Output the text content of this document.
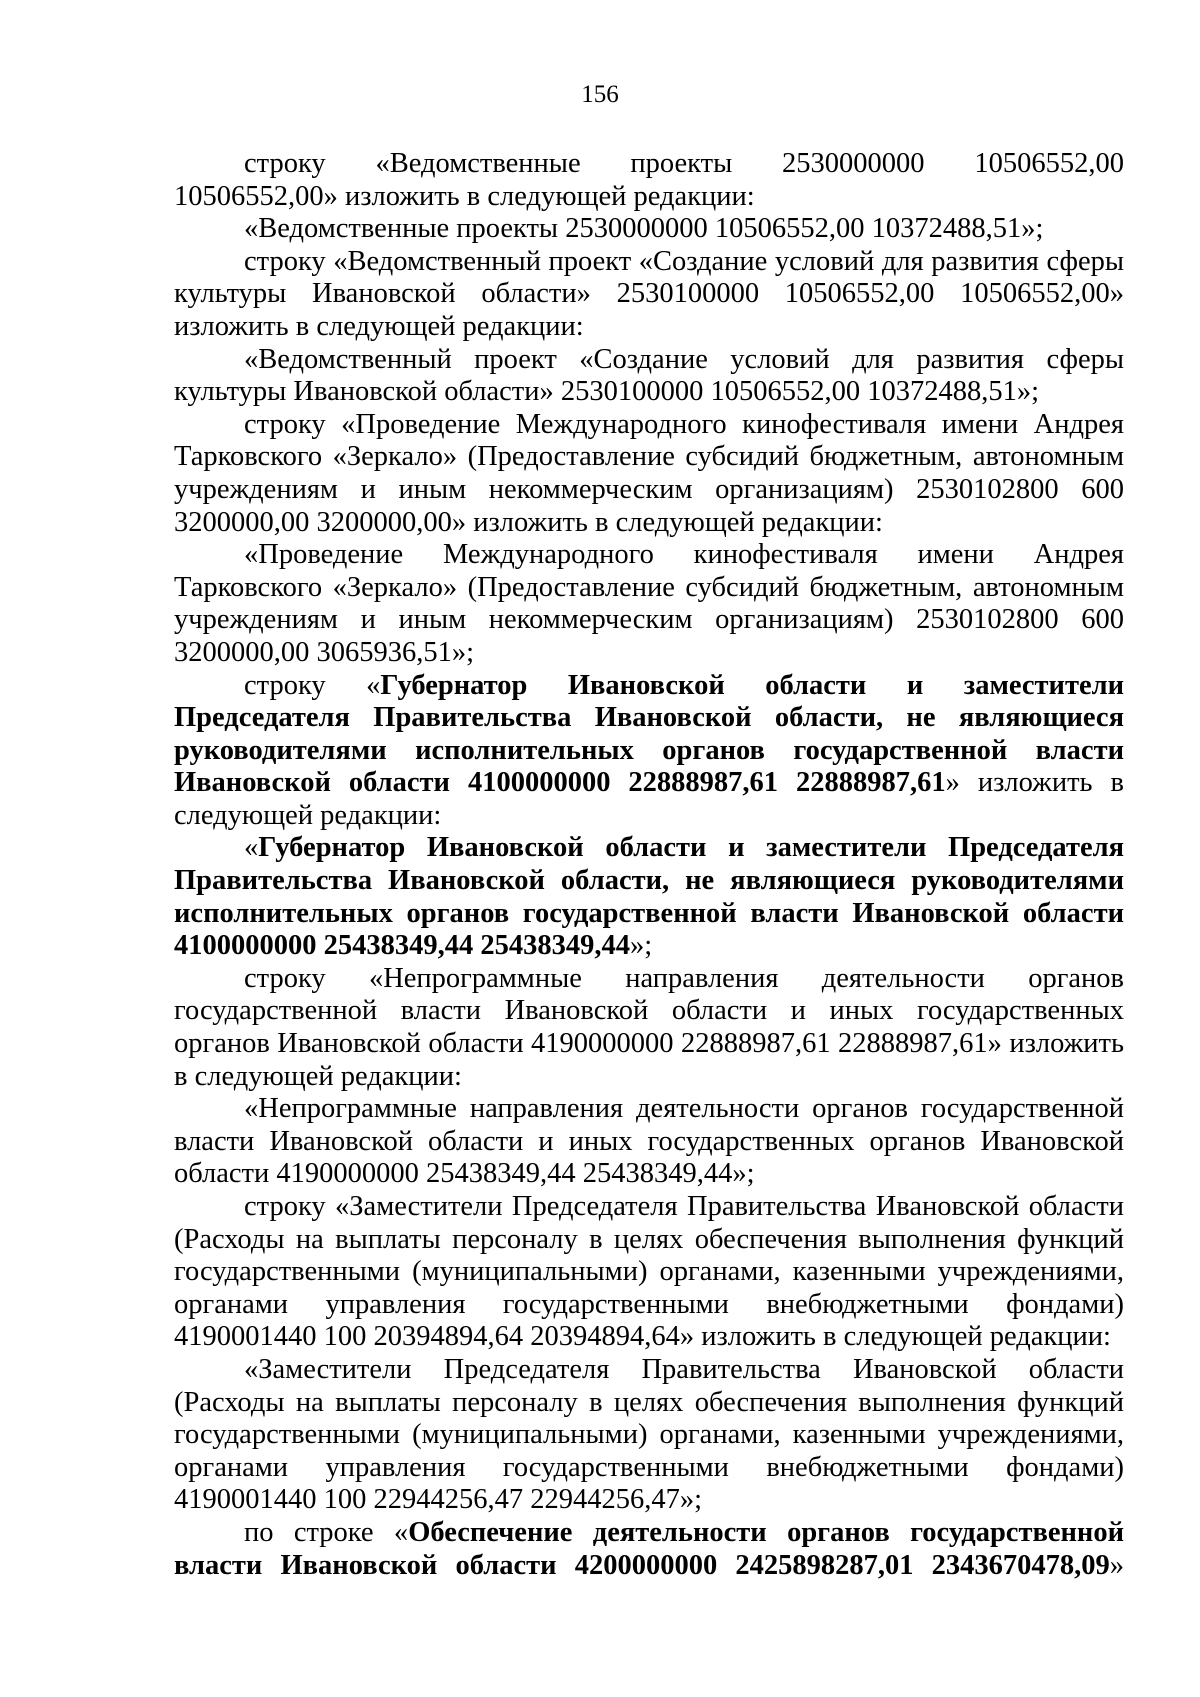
156

строку «Ведомственные проекты 2530000000 10506552,00 10506552,00» изложить в следующей редакции:

«Ведомственные проекты 2530000000 10506552,00 10372488,51»;

строку «Ведомственный проект «Создание условий для развития сферы культуры Ивановской области» 2530100000 10506552,00 10506552,00» изложить в следующей редакции:

«Ведомственный проект «Создание условий для развития сферы культуры Ивановской области» 2530100000 10506552,00 10372488,51»;

строку «Проведение Международного кинофестиваля имени Андрея Тарковского «Зеркало» (Предоставление субсидий бюджетным, автономным учреждениям и иным некоммерческим организациям) 2530102800 600 3200000,00 3200000,00» изложить в следующей редакции:

«Проведение Международного кинофестиваля имени Андрея Тарковского «Зеркало» (Предоставление субсидий бюджетным, автономным учреждениям и иным некоммерческим организациям) 2530102800 600 3200000,00 3065936,51»;

строку «Губернатор Ивановской области и заместители Председателя Правительства Ивановской области, не являющиеся руководителями исполнительных органов государственной власти Ивановской области 4100000000 22888987,61 22888987,61» изложить в следующей редакции:

«Губернатор Ивановской области и заместители Председателя Правительства Ивановской области, не являющиеся руководителями исполнительных органов государственной власти Ивановской области 4100000000 25438349,44 25438349,44»;

строку «Непрограммные направления деятельности органов государственной власти Ивановской области и иных государственных органов Ивановской области 4190000000 22888987,61 22888987,61» изложить в следующей редакции:

«Непрограммные направления деятельности органов государственной власти Ивановской области и иных государственных органов Ивановской области 4190000000 25438349,44 25438349,44»;

строку «Заместители Председателя Правительства Ивановской области (Расходы на выплаты персоналу в целях обеспечения выполнения функций государственными (муниципальными) органами, казенными учреждениями, органами управления государственными внебюджетными фондами) 4190001440 100 20394894,64 20394894,64» изложить в следующей редакции:

«Заместители Председателя Правительства Ивановской области (Расходы на выплаты персоналу в целях обеспечения выполнения функций государственными (муниципальными) органами, казенными учреждениями, органами управления государственными внебюджетными фондами) 4190001440 100 22944256,47 22944256,47»;

по строке «Обеспечение деятельности органов государственной власти Ивановской области 4200000000 2425898287,01 2343670478,09»
